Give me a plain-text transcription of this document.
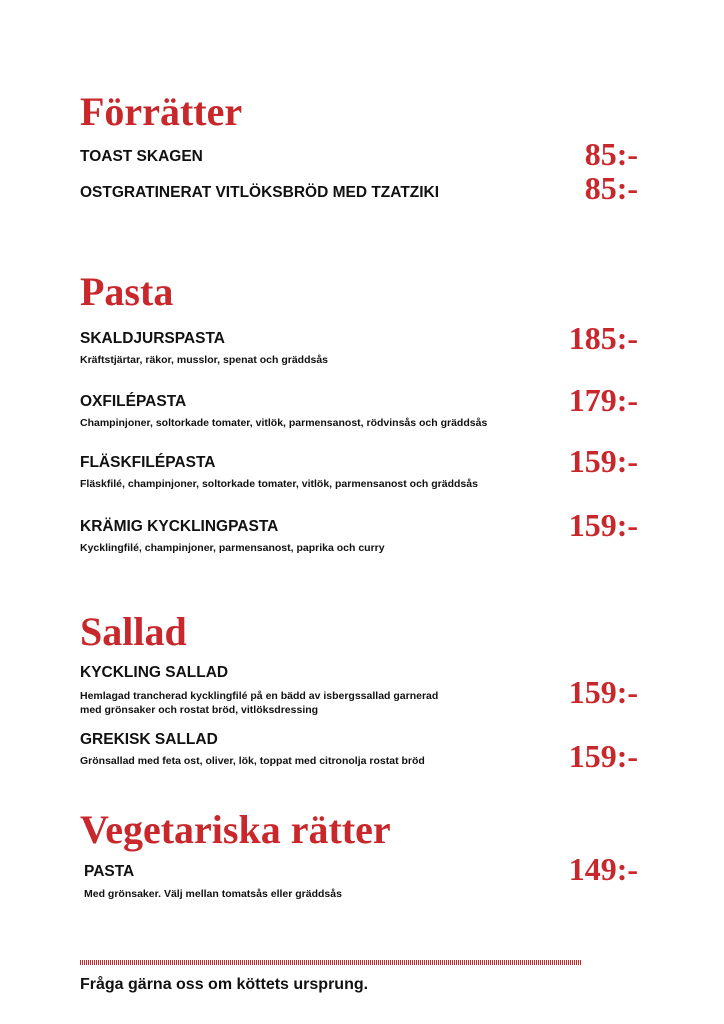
Förrätter
TOAST SKAGEN	85:-
OSTGRATINERAT VITLÖKSBRÖD MED TZATZIKI	85:-
Pasta
SKALDJURSPASTA
Kräftstjärtar, räkor, musslor, spenat och gräddsås
185:-
OXFILÉPASTA
Champinjoner, soltorkade tomater, vitlök, parmensanost, rödvinsås och gräddsås
179:-
FLÄSKFILÉPASTA
Fläskfilé, champinjoner, soltorkade tomater, vitlök, parmensanost och gräddsås
159:-
KRÄMIG KYCKLINGPASTA
Kycklingfilé, champinjoner, parmensanost, paprika och curry
159:-
Sallad
KYCKLING SALLAD
Hemlagad trancherad kycklingfilé på en bädd av isbergssallad garnerad
med grönsaker och rostat bröd, vitlöksdressing	159:-
GREKISK SALLAD
Grönsallad med feta ost, oliver, lök, toppat med citronolja rostat bröd	159:-
Vegetariska rätter
PASTA
Med grönsaker. Välj mellan tomatsås eller gräddsås
149:-
Fråga gärna oss om köttets ursprung.
